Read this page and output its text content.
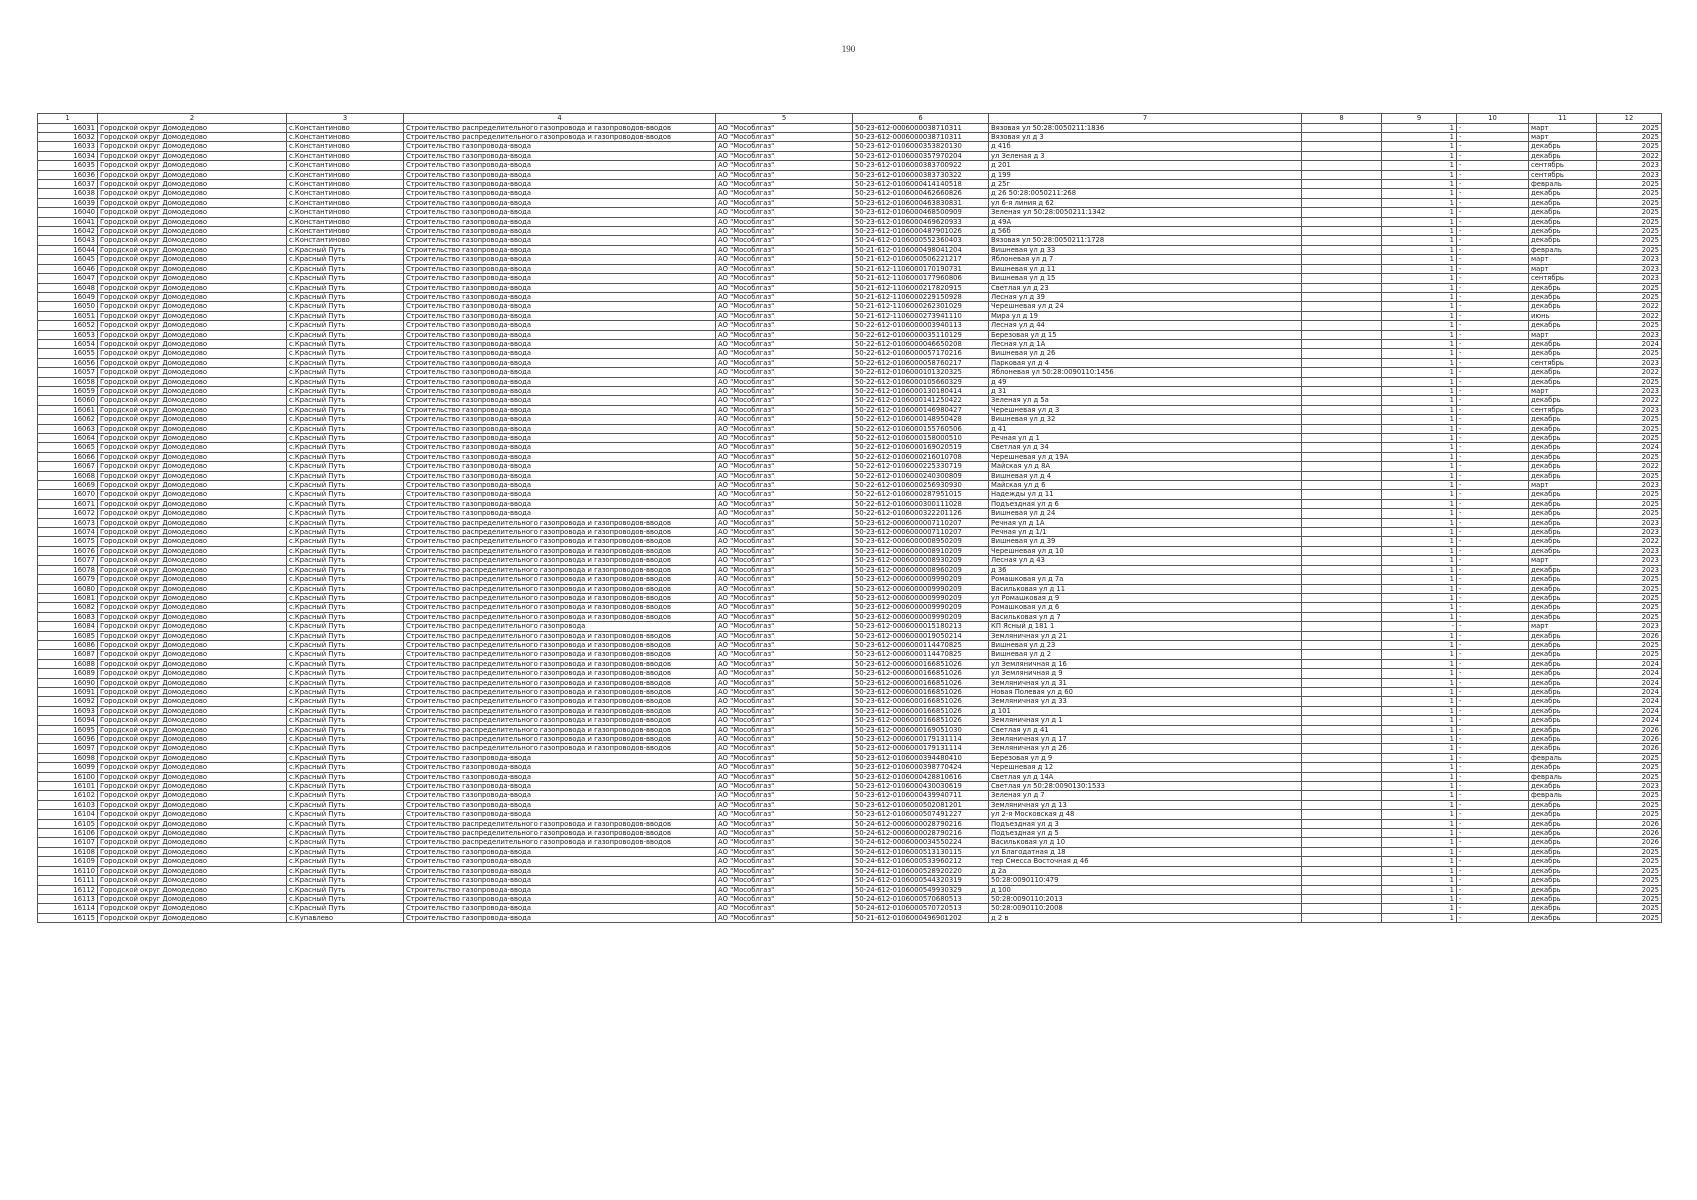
190
1	2	3	4	5	6	7	8	9	10	11	12
16031	Городской округ Домодедово	с.Константиново	Строительство распределительного газопровода и газопроводов-вводов	АО "Мособлгаз"	50-23-612-0006000038710311	Вязовая ул 50:28:0050211:1836		1	-	март	2025
16032	Городской округ Домодедово	с.Константиново	Строительство распределительного газопровода и газопроводов-вводов	АО "Мособлгаз"	50-23-612-0006000038710311	Вязовая ул д 3		1	-	март	2025
16033	Городской округ Домодедово	с.Константиново	Строительство газопровода-ввода	АО "Мособлгаз"	50-23-612-0106000353820130	д 41б		1	-	декабрь	2025
16034	Городской округ Домодедово	с.Константиново	Строительство газопровода-ввода	АО "Мособлгаз"	50-23-612-0106000357970204	ул Зеленая д 3		1	-	декабрь	2022
16035	Городской округ Домодедово	с.Константиново	Строительство газопровода-ввода	АО "Мособлгаз"	50-23-612-0106000383700922	д 201		1	-	сентябрь	2023
16036	Городской округ Домодедово	с.Константиново	Строительство газопровода-ввода	АО "Мособлгаз"	50-23-612-0106000383730322	д 199		1	-	сентябрь	2023
16037	Городской округ Домодедово	с.Константиново	Строительство газопровода-ввода	АО "Мособлгаз"	50-23-612-0106000414140518	д 25г		1	-	февраль	2025
16038	Городской округ Домодедово	с.Константиново	Строительство газопровода-ввода	АО "Мособлгаз"	50-23-612-0106000462660826	д 26 50:28:0050211:268		1	-	декабрь	2025
16039	Городской округ Домодедово	с.Константиново	Строительство газопровода-ввода	АО "Мособлгаз"	50-23-612-0106000463830831	ул 6-я линия д 62		1	-	декабрь	2025
16040	Городской округ Домодедово	с.Константиново	Строительство газопровода-ввода	АО "Мособлгаз"	50-23-612-0106000468500909	Зеленая ул 50:28:0050211:1342		1	-	декабрь	2025
16041	Городской округ Домодедово	с.Константиново	Строительство газопровода-ввода	АО "Мособлгаз"	50-23-612-0106000469620933	д 49А		1	-	декабрь	2025
16042	Городской округ Домодедово	с.Константиново	Строительство газопровода-ввода	АО "Мособлгаз"	50-23-612-0106000487901026	д 56б		1	-	декабрь	2025
16043	Городской округ Домодедово	с.Константиново	Строительство газопровода-ввода	АО "Мособлгаз"	50-24-612-0106000552360403	Вязовая ул 50:28:0050211:1728		1	-	декабрь	2025
16044	Городской округ Домодедово	с.Красный Путь	Строительство газопровода-ввода	АО "Мособлгаз"	50-21-612-0106000498041204	Вишневая ул д 33		1	-	февраль	2025
16045	Городской округ Домодедово	с.Красный Путь	Строительство газопровода-ввода	АО "Мособлгаз"	50-21-612-0106000506221217	Яблоневая ул д 7		1	-	март	2023
16046	Городской округ Домодедово	с.Красный Путь	Строительство газопровода-ввода	АО "Мособлгаз"	50-21-612-1106000170190731	Вишневая ул д 11		1	-	март	2023
16047	Городской округ Домодедово	с.Красный Путь	Строительство газопровода-ввода	АО "Мособлгаз"	50-21-612-1106000177960806	Вишневая ул д 15		1	-	сентябрь	2023
16048	Городской округ Домодедово	с.Красный Путь	Строительство газопровода-ввода	АО "Мособлгаз"	50-21-612-1106000217820915	Светлая ул д 23		1	-	декабрь	2025
16049	Городской округ Домодедово	с.Красный Путь	Строительство газопровода-ввода	АО "Мособлгаз"	50-21-612-1106000229150928	Лесная ул д 39		1	-	декабрь	2025
16050	Городской округ Домодедово	с.Красный Путь	Строительство газопровода-ввода	АО "Мособлгаз"	50-21-612-1106000262301029	Черешневая ул д 24		1	-	декабрь	2022
16051	Городской округ Домодедово	с.Красный Путь	Строительство газопровода-ввода	АО "Мособлгаз"	50-21-612-1106000273941110	Мира ул д 19		1	-	июнь	2022
16052	Городской округ Домодедово	с.Красный Путь	Строительство газопровода-ввода	АО "Мособлгаз"	50-22-612-0106000003940113	Лесная ул д 44		1	-	декабрь	2025
16053	Городской округ Домодедово	с.Красный Путь	Строительство газопровода-ввода	АО "Мособлгаз"	50-22-612-0106000035110129	Березовая ул д 15		1	-	март	2023
16054	Городской округ Домодедово	с.Красный Путь	Строительство газопровода-ввода	АО "Мособлгаз"	50-22-612-0106000046650208	Лесная ул д 1А		1	-	декабрь	2024
16055	Городской округ Домодедово	с.Красный Путь	Строительство газопровода-ввода	АО "Мособлгаз"	50-22-612-0106000057170216	Вишневая ул д 26		1	-	декабрь	2025
16056	Городской округ Домодедово	с.Красный Путь	Строительство газопровода-ввода	АО "Мособлгаз"	50-22-612-0106000058760217	Парковая ул д 4		1	-	сентябрь	2023
16057	Городской округ Домодедово	с.Красный Путь	Строительство газопровода-ввода	АО "Мособлгаз"	50-22-612-0106000101320325	Яблоневая ул 50:28:0090110:1456		1	-	декабрь	2022
16058	Городской округ Домодедово	с.Красный Путь	Строительство газопровода-ввода	АО "Мособлгаз"	50-22-612-0106000105660329	д 49		1	-	декабрь	2025
16059	Городской округ Домодедово	с.Красный Путь	Строительство газопровода-ввода	АО "Мособлгаз"	50-22-612-0106000130180414	д 31		1	-	март	2023
16060	Городской округ Домодедово	с.Красный Путь	Строительство газопровода-ввода	АО "Мособлгаз"	50-22-612-0106000141250422	Зеленая ул д 5а		1	-	декабрь	2022
16061	Городской округ Домодедово	с.Красный Путь	Строительство газопровода-ввода	АО "Мособлгаз"	50-22-612-0106000146980427	Черешневая ул д 3		1	-	сентябрь	2023
16062	Городской округ Домодедово	с.Красный Путь	Строительство газопровода-ввода	АО "Мособлгаз"	50-22-612-0106000148950428	Вишневая ул д 32		1	-	декабрь	2025
16063	Городской округ Домодедово	с.Красный Путь	Строительство газопровода-ввода	АО "Мособлгаз"	50-22-612-0106000155760506	д 41		1	-	декабрь	2025
16064	Городской округ Домодедово	с.Красный Путь	Строительство газопровода-ввода	АО "Мособлгаз"	50-22-612-0106000158000510	Речная ул д 1		1	-	декабрь	2025
16065	Городской округ Домодедово	с.Красный Путь	Строительство газопровода-ввода	АО "Мособлгаз"	50-22-612-0106000169020519	Светлая ул д 34		1	-	декабрь	2024
16066	Городской округ Домодедово	с.Красный Путь	Строительство газопровода-ввода	АО "Мособлгаз"	50-22-612-0106000216010708	Черешневая ул д 19А		1	-	декабрь	2025
16067	Городской округ Домодедово	с.Красный Путь	Строительство газопровода-ввода	АО "Мособлгаз"	50-22-612-0106000225330719	Майская ул д 8А		1	-	декабрь	2022
16068	Городской округ Домодедово	с.Красный Путь	Строительство газопровода-ввода	АО "Мособлгаз"	50-22-612-0106000240300809	Вишневая ул д 4		1	-	декабрь	2025
16069	Городской округ Домодедово	с.Красный Путь	Строительство газопровода-ввода	АО "Мособлгаз"	50-22-612-0106000256930930	Майская ул д 6		1	-	март	2023
16070	Городской округ Домодедово	с.Красный Путь	Строительство газопровода-ввода	АО "Мособлгаз"	50-22-612-0106000287951015	Надежды ул д 11		1	-	декабрь	2025
16071	Городской округ Домодедово	с.Красный Путь	Строительство газопровода-ввода	АО "Мособлгаз"	50-22-612-0106000300111028	Подъездная ул д 6		1	-	декабрь	2025
16072	Городской округ Домодедово	с.Красный Путь	Строительство газопровода-ввода	АО "Мособлгаз"	50-22-612-0106000322201126	Вишневая ул д 24		1	-	декабрь	2025
16073	Городской округ Домодедово	с.Красный Путь	Строительство распределительного газопровода и газопроводов-вводов	АО "Мособлгаз"	50-23-612-0006000007110207	Речная ул д 1А		1	-	декабрь	2023
16074	Городской округ Домодедово	с.Красный Путь	Строительство распределительного газопровода и газопроводов-вводов	АО "Мособлгаз"	50-23-612-0006000007110207	Речная ул д 1/1		1	-	декабрь	2023
16075	Городской округ Домодедово	с.Красный Путь	Строительство распределительного газопровода и газопроводов-вводов	АО "Мособлгаз"	50-23-612-0006000008950209	Вишневая ул д 39		1	-	декабрь	2022
16076	Городской округ Домодедово	с.Красный Путь	Строительство распределительного газопровода и газопроводов-вводов	АО "Мособлгаз"	50-23-612-0006000008910209	Черешневая ул д 10		1	-	декабрь	2023
16077	Городской округ Домодедово	с.Красный Путь	Строительство распределительного газопровода и газопроводов-вводов	АО "Мособлгаз"	50-23-612-0006000008930209	Лесная ул д 43		1	-	март	2023
16078	Городской округ Домодедово	с.Красный Путь	Строительство распределительного газопровода и газопроводов-вводов	АО "Мособлгаз"	50-23-612-0006000008960209	д 36		1	-	декабрь	2023
16079	Городской округ Домодедово	с.Красный Путь	Строительство распределительного газопровода и газопроводов-вводов	АО "Мособлгаз"	50-23-612-0006000009990209	Ромашковая ул д 7а		1	-	декабрь	2025
16080	Городской округ Домодедово	с.Красный Путь	Строительство распределительного газопровода и газопроводов-вводов	АО "Мособлгаз"	50-23-612-0006000009990209	Васильковая ул д 11		1	-	декабрь	2025
16081	Городской округ Домодедово	с.Красный Путь	Строительство распределительного газопровода и газопроводов-вводов	АО "Мособлгаз"	50-23-612-0006000009990209	ул Ромашковая д 9		1	-	декабрь	2025
16082	Городской округ Домодедово	с.Красный Путь	Строительство распределительного газопровода и газопроводов-вводов	АО "Мособлгаз"	50-23-612-0006000009990209	Ромашковая ул д 6		1	-	декабрь	2025
16083	Городской округ Домодедово	с.Красный Путь	Строительство распределительного газопровода и газопроводов-вводов	АО "Мособлгаз"	50-23-612-0006000009990209	Васильковая ул д 7		1	-	декабрь	2025
16084	Городской округ Домодедово	с.Красный Путь	Строительство распределительного газопровода	АО "Мособлгаз"	50-23-612-0006000015180213	КП Ясный д 181 1		-	-	март	2023
16085	Городской округ Домодедово	с.Красный Путь	Строительство распределительного газопровода и газопроводов-вводов	АО "Мособлгаз"	50-23-612-0006000019050214	Земляничная ул д 21		1	-	декабрь	2026
16086	Городской округ Домодедово	с.Красный Путь	Строительство распределительного газопровода и газопроводов-вводов	АО "Мособлгаз"	50-23-612-0006000114470825	Вишневая ул д 23		1	-	декабрь	2025
16087	Городской округ Домодедово	с.Красный Путь	Строительство распределительного газопровода и газопроводов-вводов	АО "Мособлгаз"	50-23-612-0006000114470825	Вишневая ул д 2		1	-	декабрь	2025
16088	Городской округ Домодедово	с.Красный Путь	Строительство распределительного газопровода и газопроводов-вводов	АО "Мособлгаз"	50-23-612-0006000166851026	ул Земляничная д 16		1	-	декабрь	2024
16089	Городской округ Домодедово	с.Красный Путь	Строительство распределительного газопровода и газопроводов-вводов	АО "Мособлгаз"	50-23-612-0006000166851026	ул Земляничная д 9		1	-	декабрь	2024
16090	Городской округ Домодедово	с.Красный Путь	Строительство распределительного газопровода и газопроводов-вводов	АО "Мособлгаз"	50-23-612-0006000166851026	Земляничная ул д 31		1	-	декабрь	2024
16091	Городской округ Домодедово	с.Красный Путь	Строительство распределительного газопровода и газопроводов-вводов	АО "Мособлгаз"	50-23-612-0006000166851026	Новая Полевая ул д 60		1	-	декабрь	2024
16092	Городской округ Домодедово	с.Красный Путь	Строительство распределительного газопровода и газопроводов-вводов	АО "Мособлгаз"	50-23-612-0006000166851026	Земляничная ул д 33		1	-	декабрь	2024
16093	Городской округ Домодедово	с.Красный Путь	Строительство распределительного газопровода и газопроводов-вводов	АО "Мособлгаз"	50-23-612-0006000166851026	д 101		1	-	декабрь	2024
16094	Городской округ Домодедово	с.Красный Путь	Строительство распределительного газопровода и газопроводов-вводов	АО "Мособлгаз"	50-23-612-0006000166851026	Земляничная ул д 1		1	-	декабрь	2024
16095	Городской округ Домодедово	с.Красный Путь	Строительство распределительного газопровода и газопроводов-вводов	АО "Мособлгаз"	50-23-612-0006000169051030	Светлая ул д 41		1	-	декабрь	2026
16096	Городской округ Домодедово	с.Красный Путь	Строительство распределительного газопровода и газопроводов-вводов	АО "Мособлгаз"	50-23-612-0006000179131114	Земляничная ул д 17		1	-	декабрь	2026
16097	Городской округ Домодедово	с.Красный Путь	Строительство распределительного газопровода и газопроводов-вводов	АО "Мособлгаз"	50-23-612-0006000179131114	Земляничная ул д 26		1	-	декабрь	2026
16098	Городской округ Домодедово	с.Красный Путь	Строительство газопровода-ввода	АО "Мособлгаз"	50-23-612-0106000394480410	Березовая ул д 9		1	-	февраль	2025
16099	Городской округ Домодедово	с.Красный Путь	Строительство газопровода-ввода	АО "Мособлгаз"	50-23-612-0106000398770424	Черешневая д 12		1	-	декабрь	2025
16100	Городской округ Домодедово	с.Красный Путь	Строительство газопровода-ввода	АО "Мособлгаз"	50-23-612-0106000428810616	Светлая ул д 14А		1	-	февраль	2025
16101	Городской округ Домодедово	с.Красный Путь	Строительство газопровода-ввода	АО "Мособлгаз"	50-23-612-0106000430030619	Светлая ул 50:28:0090130:1533		1	-	декабрь	2023
16102	Городской округ Домодедово	с.Красный Путь	Строительство газопровода-ввода	АО "Мособлгаз"	50-23-612-0106000439940711	Зеленая ул д 7		1	-	февраль	2025
16103	Городской округ Домодедово	с.Красный Путь	Строительство газопровода-ввода	АО "Мособлгаз"	50-23-612-0106000502081201	Земляничная ул д 13		1	-	декабрь	2025
16104	Городской округ Домодедово	с.Красный Путь	Строительство газопровода-ввода	АО "Мособлгаз"	50-23-612-0106000507491227	ул 2-я Московская д 48		1	-	декабрь	2025
16105	Городской округ Домодедово	с.Красный Путь	Строительство распределительного газопровода и газопроводов-вводов	АО "Мособлгаз"	50-24-612-0006000028790216	Подъездная ул д 3		1	-	декабрь	2026
16106	Городской округ Домодедово	с.Красный Путь	Строительство распределительного газопровода и газопроводов-вводов	АО "Мособлгаз"	50-24-612-0006000028790216	Подъездная ул д 5		1	-	декабрь	2026
16107	Городской округ Домодедово	с.Красный Путь	Строительство распределительного газопровода и газопроводов-вводов	АО "Мособлгаз"	50-24-612-0006000034550224	Васильковая ул д 10		1	-	декабрь	2026
16108	Городской округ Домодедово	с.Красный Путь	Строительство газопровода-ввода	АО "Мособлгаз"	50-24-612-0106000513130115	ул Благодатная д 18		1	-	декабрь	2025
16109	Городской округ Домодедово	с.Красный Путь	Строительство газопровода-ввода	АО "Мособлгаз"	50-24-612-0106000533960212	тер Смесса Восточная д 46		1	-	декабрь	2025
16110	Городской округ Домодедово	с.Красный Путь	Строительство газопровода-ввода	АО "Мособлгаз"	50-24-612-0106000528920220	д 2а		1	-	декабрь	2025
16111	Городской округ Домодедово	с.Красный Путь	Строительство газопровода-ввода	АО "Мособлгаз"	50-24-612-0106000544320319	50:28:0090110:479		1	-	декабрь	2025
16112	Городской округ Домодедово	с.Красный Путь	Строительство газопровода-ввода	АО "Мособлгаз"	50-24-612-0106000549930329	д 100		1	-	декабрь	2025
16113	Городской округ Домодедово	с.Красный Путь	Строительство газопровода-ввода	АО "Мособлгаз"	50-24-612-0106000570680513	50:28:0090110:2013		1	-	декабрь	2025
16114	Городской округ Домодедово	с.Красный Путь	Строительство газопровода-ввода	АО "Мособлгаз"	50-24-612-0106000570720513	50:28:0090110:2008		1	-	декабрь	2025
16115	Городской округ Домодедово	с.Купавлево	Строительство газопровода-ввода	АО "Мособлгаз"	50-21-612-0106000496901202	д 2 в		1	-	декабрь	2025
